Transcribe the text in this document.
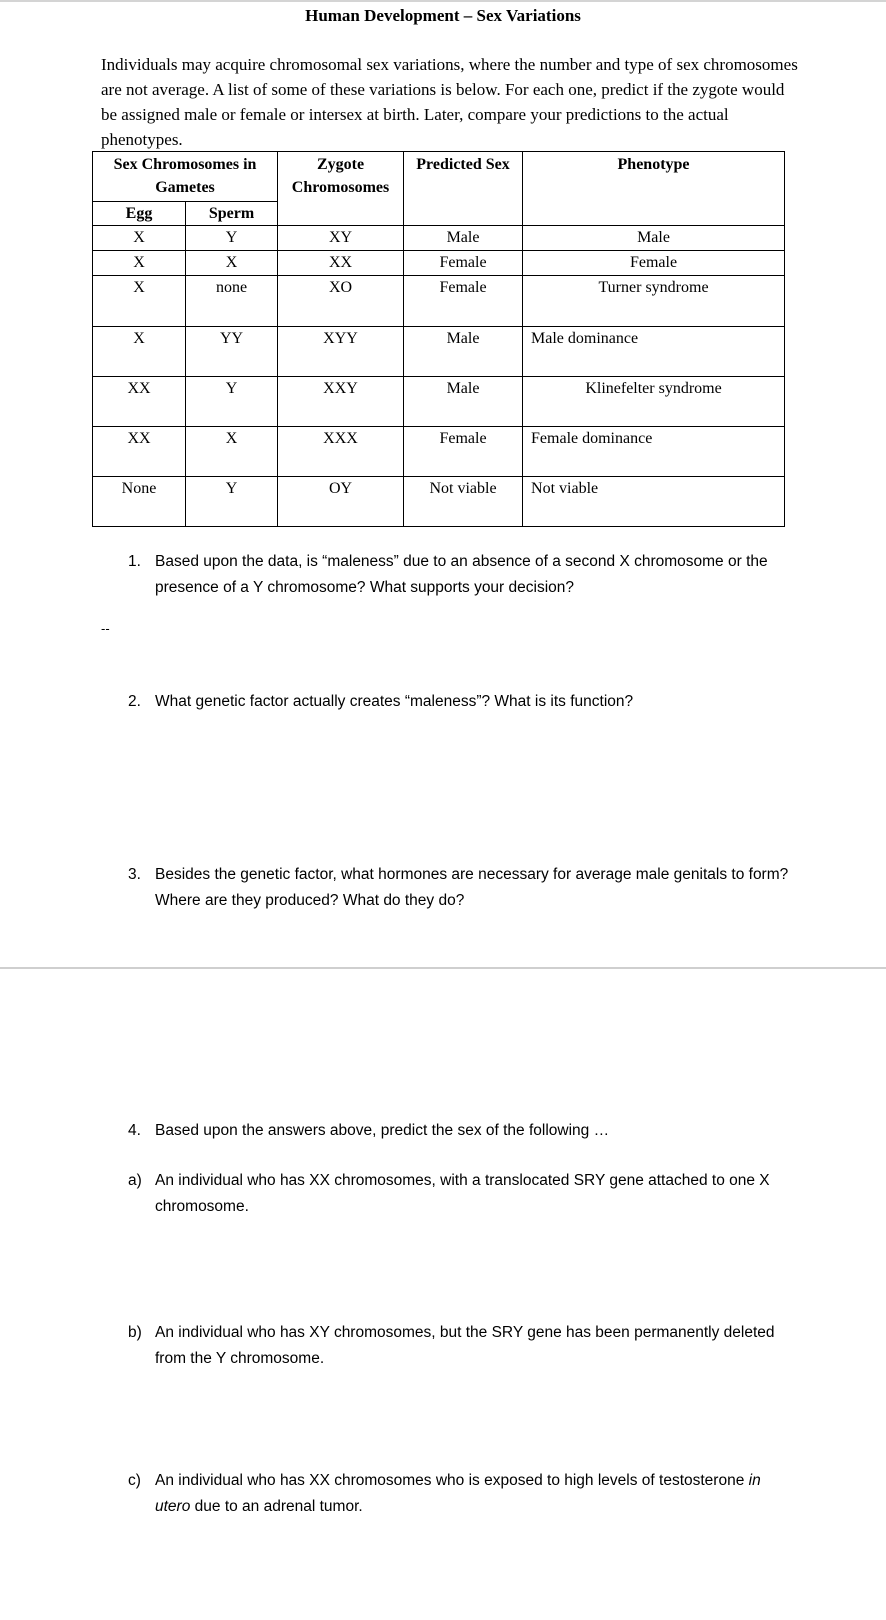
Human Development – Sex Variations
Individuals may acquire chromosomal sex variations, where the number and type of sex chromosomes are not average. A list of some of these variations is below. For each one, predict if the zygote would be assigned male or female or intersex at birth. Later, compare your predictions to the actual phenotypes.
Sex Chromosomes in Gametes		Zygote Chromosomes	Predicted Sex	Phenotype
Egg	Sperm			
X	Y	XY	Male	Male
X	X	XX	Female	Female
X	none	XO	Female	Turner syndrome
X	YY	XYY	Male	Male dominance
XX	Y	XXY	Male	Klinefelter syndrome
XX	X	XXX	Female	Female dominance
None	Y	OY	Not viable	Not viable
1. Based upon the data, is “maleness” due to an absence of a second X chromosome or the presence of a Y chromosome? What supports your decision?
--
2. What genetic factor actually creates “maleness”? What is its function?
3. Besides the genetic factor, what hormones are necessary for average male genitals to form? Where are they produced? What do they do?
4. Based upon the answers above, predict the sex of the following …
a) An individual who has XX chromosomes, with a translocated SRY gene attached to one X chromosome.
b) An individual who has XY chromosomes, but the SRY gene has been permanently deleted from the Y chromosome.
c) An individual who has XX chromosomes who is exposed to high levels of testosterone in utero due to an adrenal tumor.
